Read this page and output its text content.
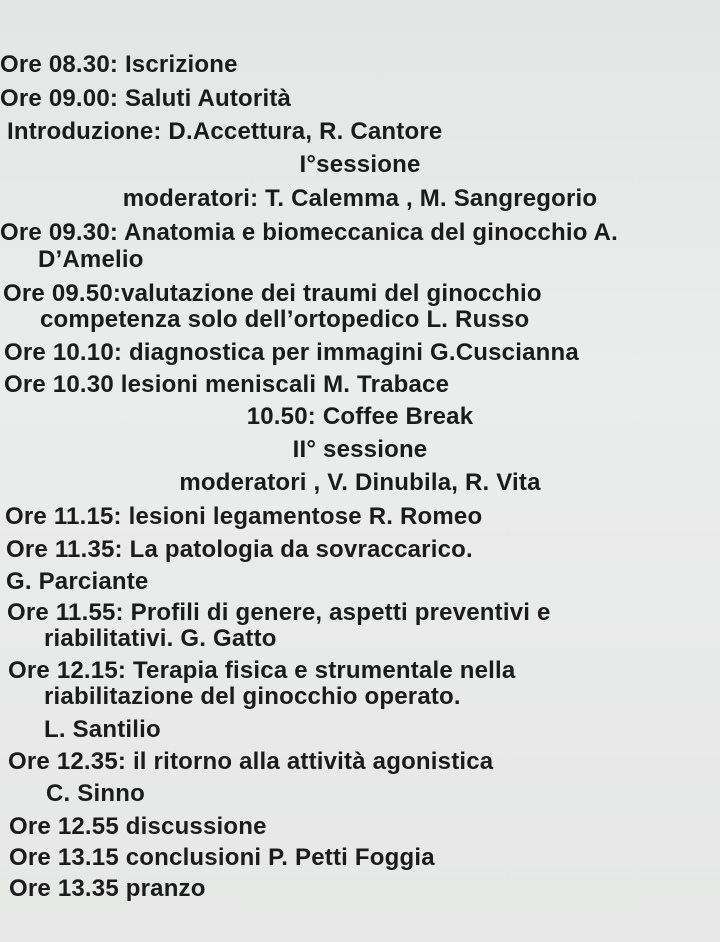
Ore 08.30: Iscrizione
Ore 09.00: Saluti Autorità
Introduzione: D.Accettura, R. Cantore
I°sessione
moderatori: T. Calemma , M. Sangregorio
Ore 09.30: Anatomia e biomeccanica del ginocchio A.
D’Amelio
Ore 09.50:valutazione dei traumi del ginocchio
competenza solo dell’ortopedico L. Russo
Ore 10.10: diagnostica per immagini G.Cuscianna
Ore 10.30 lesioni meniscali M. Trabace
10.50: Coffee Break
II° sessione
moderatori , V. Dinubila, R. Vita
Ore 11.15: lesioni legamentose R. Romeo
Ore 11.35: La patologia da sovraccarico.
G. Parciante
Ore 11.55: Profili di genere, aspetti preventivi e
riabilitativi. G. Gatto
Ore 12.15: Terapia fisica e strumentale nella
riabilitazione del ginocchio operato.
L. Santilio
Ore 12.35: il ritorno alla attività agonistica
C. Sinno
Ore 12.55 discussione
Ore 13.15 conclusioni P. Petti Foggia
Ore 13.35 pranzo
